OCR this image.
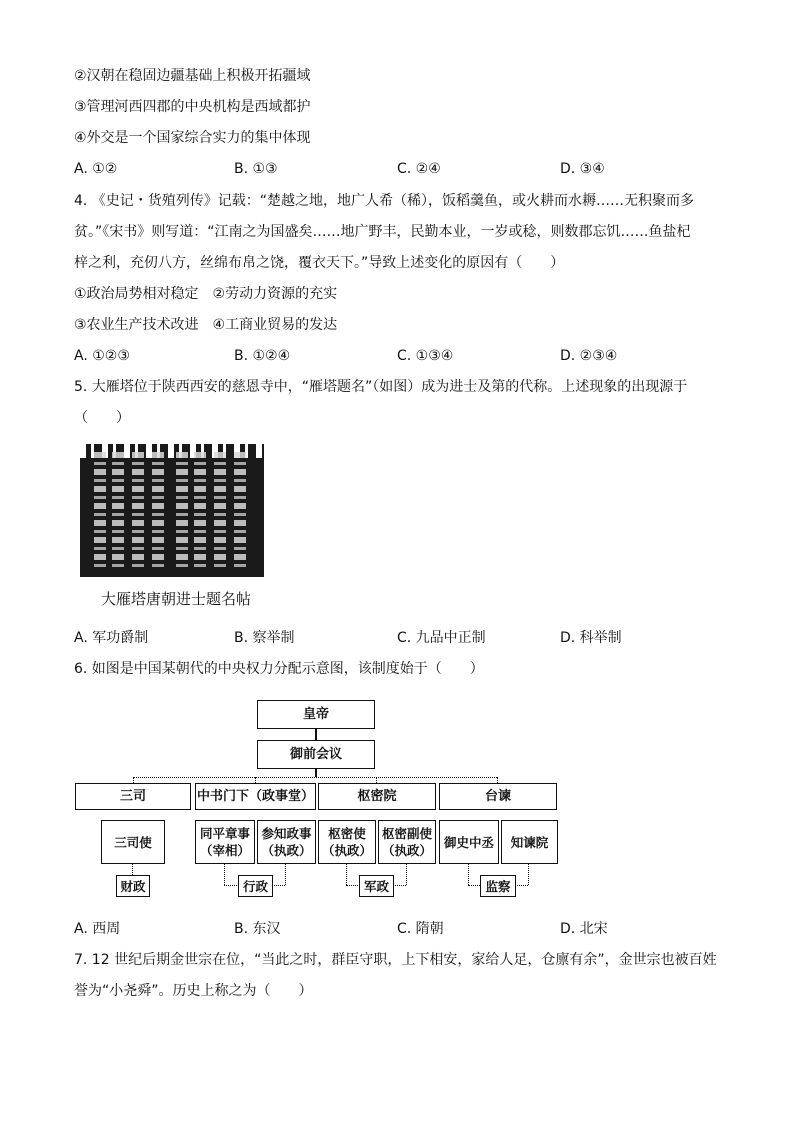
②汉朝在稳固边疆基础上积极开拓疆域
③管理河西四郡的中央机构是西域都护
④外交是一个国家综合实力的集中体现
A. ①②	B. ①③	C. ②④	D. ③④
4. 《史记・货殖列传》记载：“楚越之地，地广人希（稀），饭稻羹鱼，或火耕而水耨……无积聚而多
贫。”《宋书》则写道：“江南之为国盛矣……地广野丰，民勤本业，一岁或稔，则数郡忘饥……鱼盐杞
梓之利，充仞八方，丝绵布帛之饶，覆衣天下。”导致上述变化的原因有（　　）
①政治局势相对稳定　②劳动力资源的充实
③农业生产技术改进　④工商业贸易的发达
A. ①②③	B. ①②④	C. ①③④	D. ②③④
5. 大雁塔位于陕西西安的慈恩寺中，“雁塔题名”（如图）成为进士及第的代称。上述现象的出现源于
（　　）
大雁塔唐朝进士题名帖
A. 军功爵制	B. 察举制	C. 九品中正制	D. 科举制
6. 如图是中国某朝代的中央权力分配示意图，该制度始于（　　）
皇帝
御前会议
三司	中书门下（政事堂）	枢密院	台谏
三司使
同平章事
（宰相）
参知政事
（执政）
枢密使
（执政）
枢密副使
（执政）
御史中丞 知谏院
财政	行政	军政	监察
A. 西周	B. 东汉	C. 隋朝	D. 北宋
7. 12 世纪后期金世宗在位，“当此之时，群臣守职，上下相安，家给人足，仓廪有余”，金世宗也被百姓
誉为“小尧舜”。历史上称之为（　　）
